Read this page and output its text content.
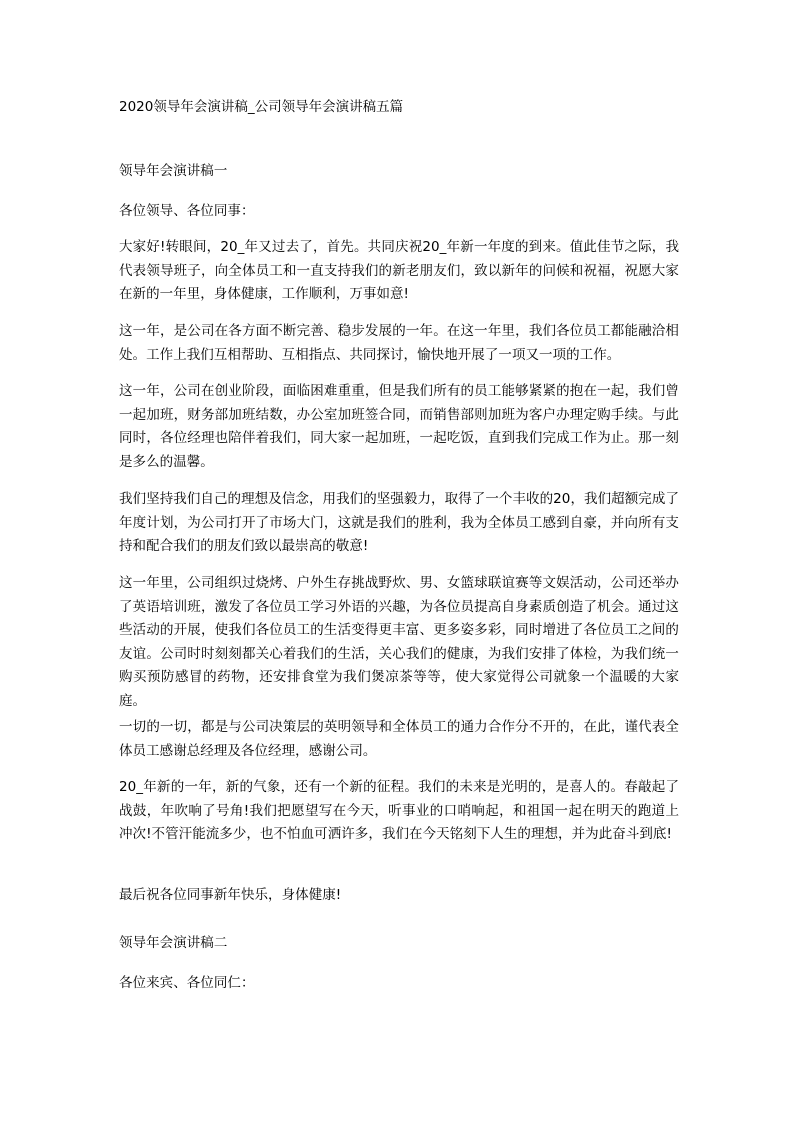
2020领导年会演讲稿_公司领导年会演讲稿五篇
领导年会演讲稿一
各位领导、各位同事：
大家好!转眼间，20_年又过去了，首先。共同庆祝20_年新一年度的到来。值此佳节之际，我代表领导班子，向全体员工和一直支持我们的新老朋友们，致以新年的问候和祝福，祝愿大家在新的一年里，身体健康，工作顺利，万事如意!
这一年，是公司在各方面不断完善、稳步发展的一年。在这一年里，我们各位员工都能融洽相处。工作上我们互相帮助、互相指点、共同探讨，愉快地开展了一项又一项的工作。
这一年，公司在创业阶段，面临困难重重，但是我们所有的员工能够紧紧的抱在一起，我们曾一起加班，财务部加班结数，办公室加班签合同，而销售部则加班为客户办理定购手续。与此同时，各位经理也陪伴着我们，同大家一起加班，一起吃饭，直到我们完成工作为止。那一刻是多么的温馨。
我们坚持我们自己的理想及信念，用我们的坚强毅力，取得了一个丰收的20，我们超额完成了年度计划，为公司打开了市场大门，这就是我们的胜利，我为全体员工感到自豪，并向所有支持和配合我们的朋友们致以最崇高的敬意!
这一年里，公司组织过烧烤、户外生存挑战野炊、男、女篮球联谊赛等文娱活动，公司还举办了英语培训班，激发了各位员工学习外语的兴趣，为各位员提高自身素质创造了机会。通过这些活动的开展，使我们各位员工的生活变得更丰富、更多姿多彩，同时增进了各位员工之间的友谊。公司时时刻刻都关心着我们的生活，关心我们的健康，为我们安排了体检，为我们统一购买预防感冒的药物，还安排食堂为我们煲凉茶等等，使大家觉得公司就象一个温暖的大家庭。
一切的一切，都是与公司决策层的英明领导和全体员工的通力合作分不开的，在此，谨代表全体员工感谢总经理及各位经理，感谢公司。
20_年新的一年，新的气象，还有一个新的征程。我们的未来是光明的，是喜人的。春敲起了战鼓，年吹响了号角!我们把愿望写在今天，听事业的口哨响起，和祖国一起在明天的跑道上冲次!不管汗能流多少，也不怕血可洒许多，我们在今天铭刻下人生的理想，并为此奋斗到底!
最后祝各位同事新年快乐，身体健康!
领导年会演讲稿二
各位来宾、各位同仁：
